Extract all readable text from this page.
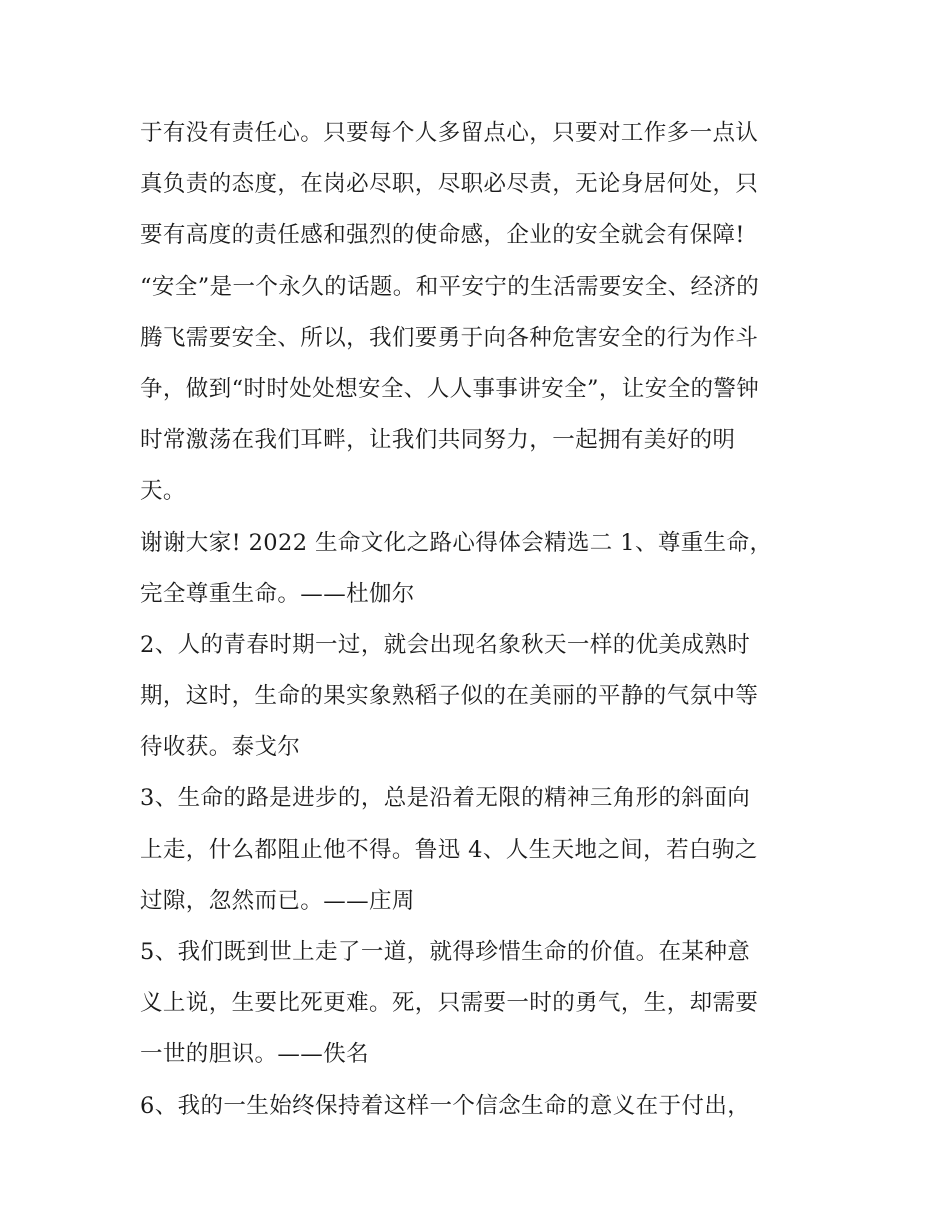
于有没有责任心。只要每个人多留点心，只要对工作多一点认
真负责的态度，在岗必尽职，尽职必尽责，无论身居何处，只
要有高度的责任感和强烈的使命感，企业的安全就会有保障!
“安全”是一个永久的话题。和平安宁的生活需要安全、经济的
腾飞需要安全、所以，我们要勇于向各种危害安全的行为作斗
争，做到“时时处处想安全、人人事事讲安全”，让安全的警钟
时常激荡在我们耳畔，让我们共同努力，一起拥有美好的明
天。
谢谢大家! 2022 生命文化之路心得体会精选二 1、尊重生命，
完全尊重生命。——杜伽尔
2、人的青春时期一过，就会出现名象秋天一样的优美成熟时
期，这时，生命的果实象熟稻子似的在美丽的平静的气氛中等
待收获。泰戈尔
3、生命的路是进步的，总是沿着无限的精神三角形的斜面向
上走，什么都阻止他不得。鲁迅 4、人生天地之间，若白驹之
过隙，忽然而已。——庄周
5、我们既到世上走了一道，就得珍惜生命的价值。在某种意
义上说，生要比死更难。死，只需要一时的勇气，生，却需要
一世的胆识。——佚名
6、我的一生始终保持着这样一个信念生命的意义在于付出，
